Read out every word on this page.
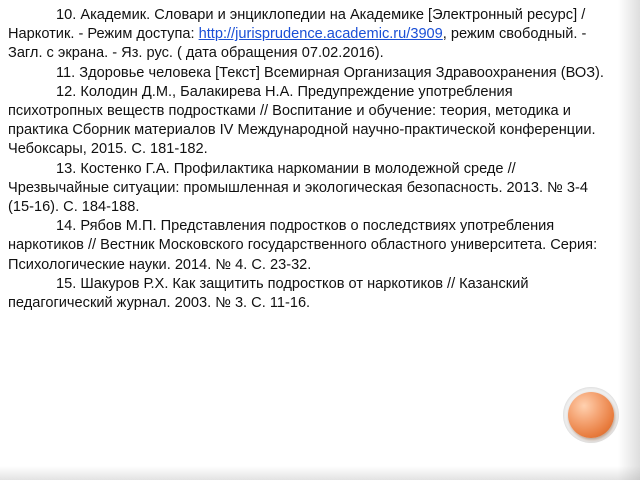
10. Академик. Словари и энциклопедии на Академике [Электронный ресурс] / Наркотик. - Режим доступа: http://jurisprudence.academic.ru/3909, режим свободный. - Загл. с экрана. - Яз. рус. ( дата обращения 07.02.2016).

11. Здоровье человека [Текст] Всемирная Организация Здравоохранения (ВОЗ).

12. Колодин Д.М., Балакирева Н.А. Предупреждение употребления психотропных веществ подростками // Воспитание и обучение: теория, методика и практика Сборник материалов IV Международной научно-практической конференции. Чебоксары, 2015. С. 181-182.

13. Костенко Г.А. Профилактика наркомании в молодежной среде // Чрезвычайные ситуации: промышленная и экологическая безопасность. 2013. № 3-4 (15-16). С. 184-188.

14. Рябов М.П. Представления подростков о последствиях употребления наркотиков // Вестник Московского государственного областного университета. Серия: Психологические науки. 2014. № 4. С. 23-32.

15. Шакуров Р.Х. Как защитить подростков от наркотиков // Казанский педагогический журнал. 2003. № 3. С. 11-16.
